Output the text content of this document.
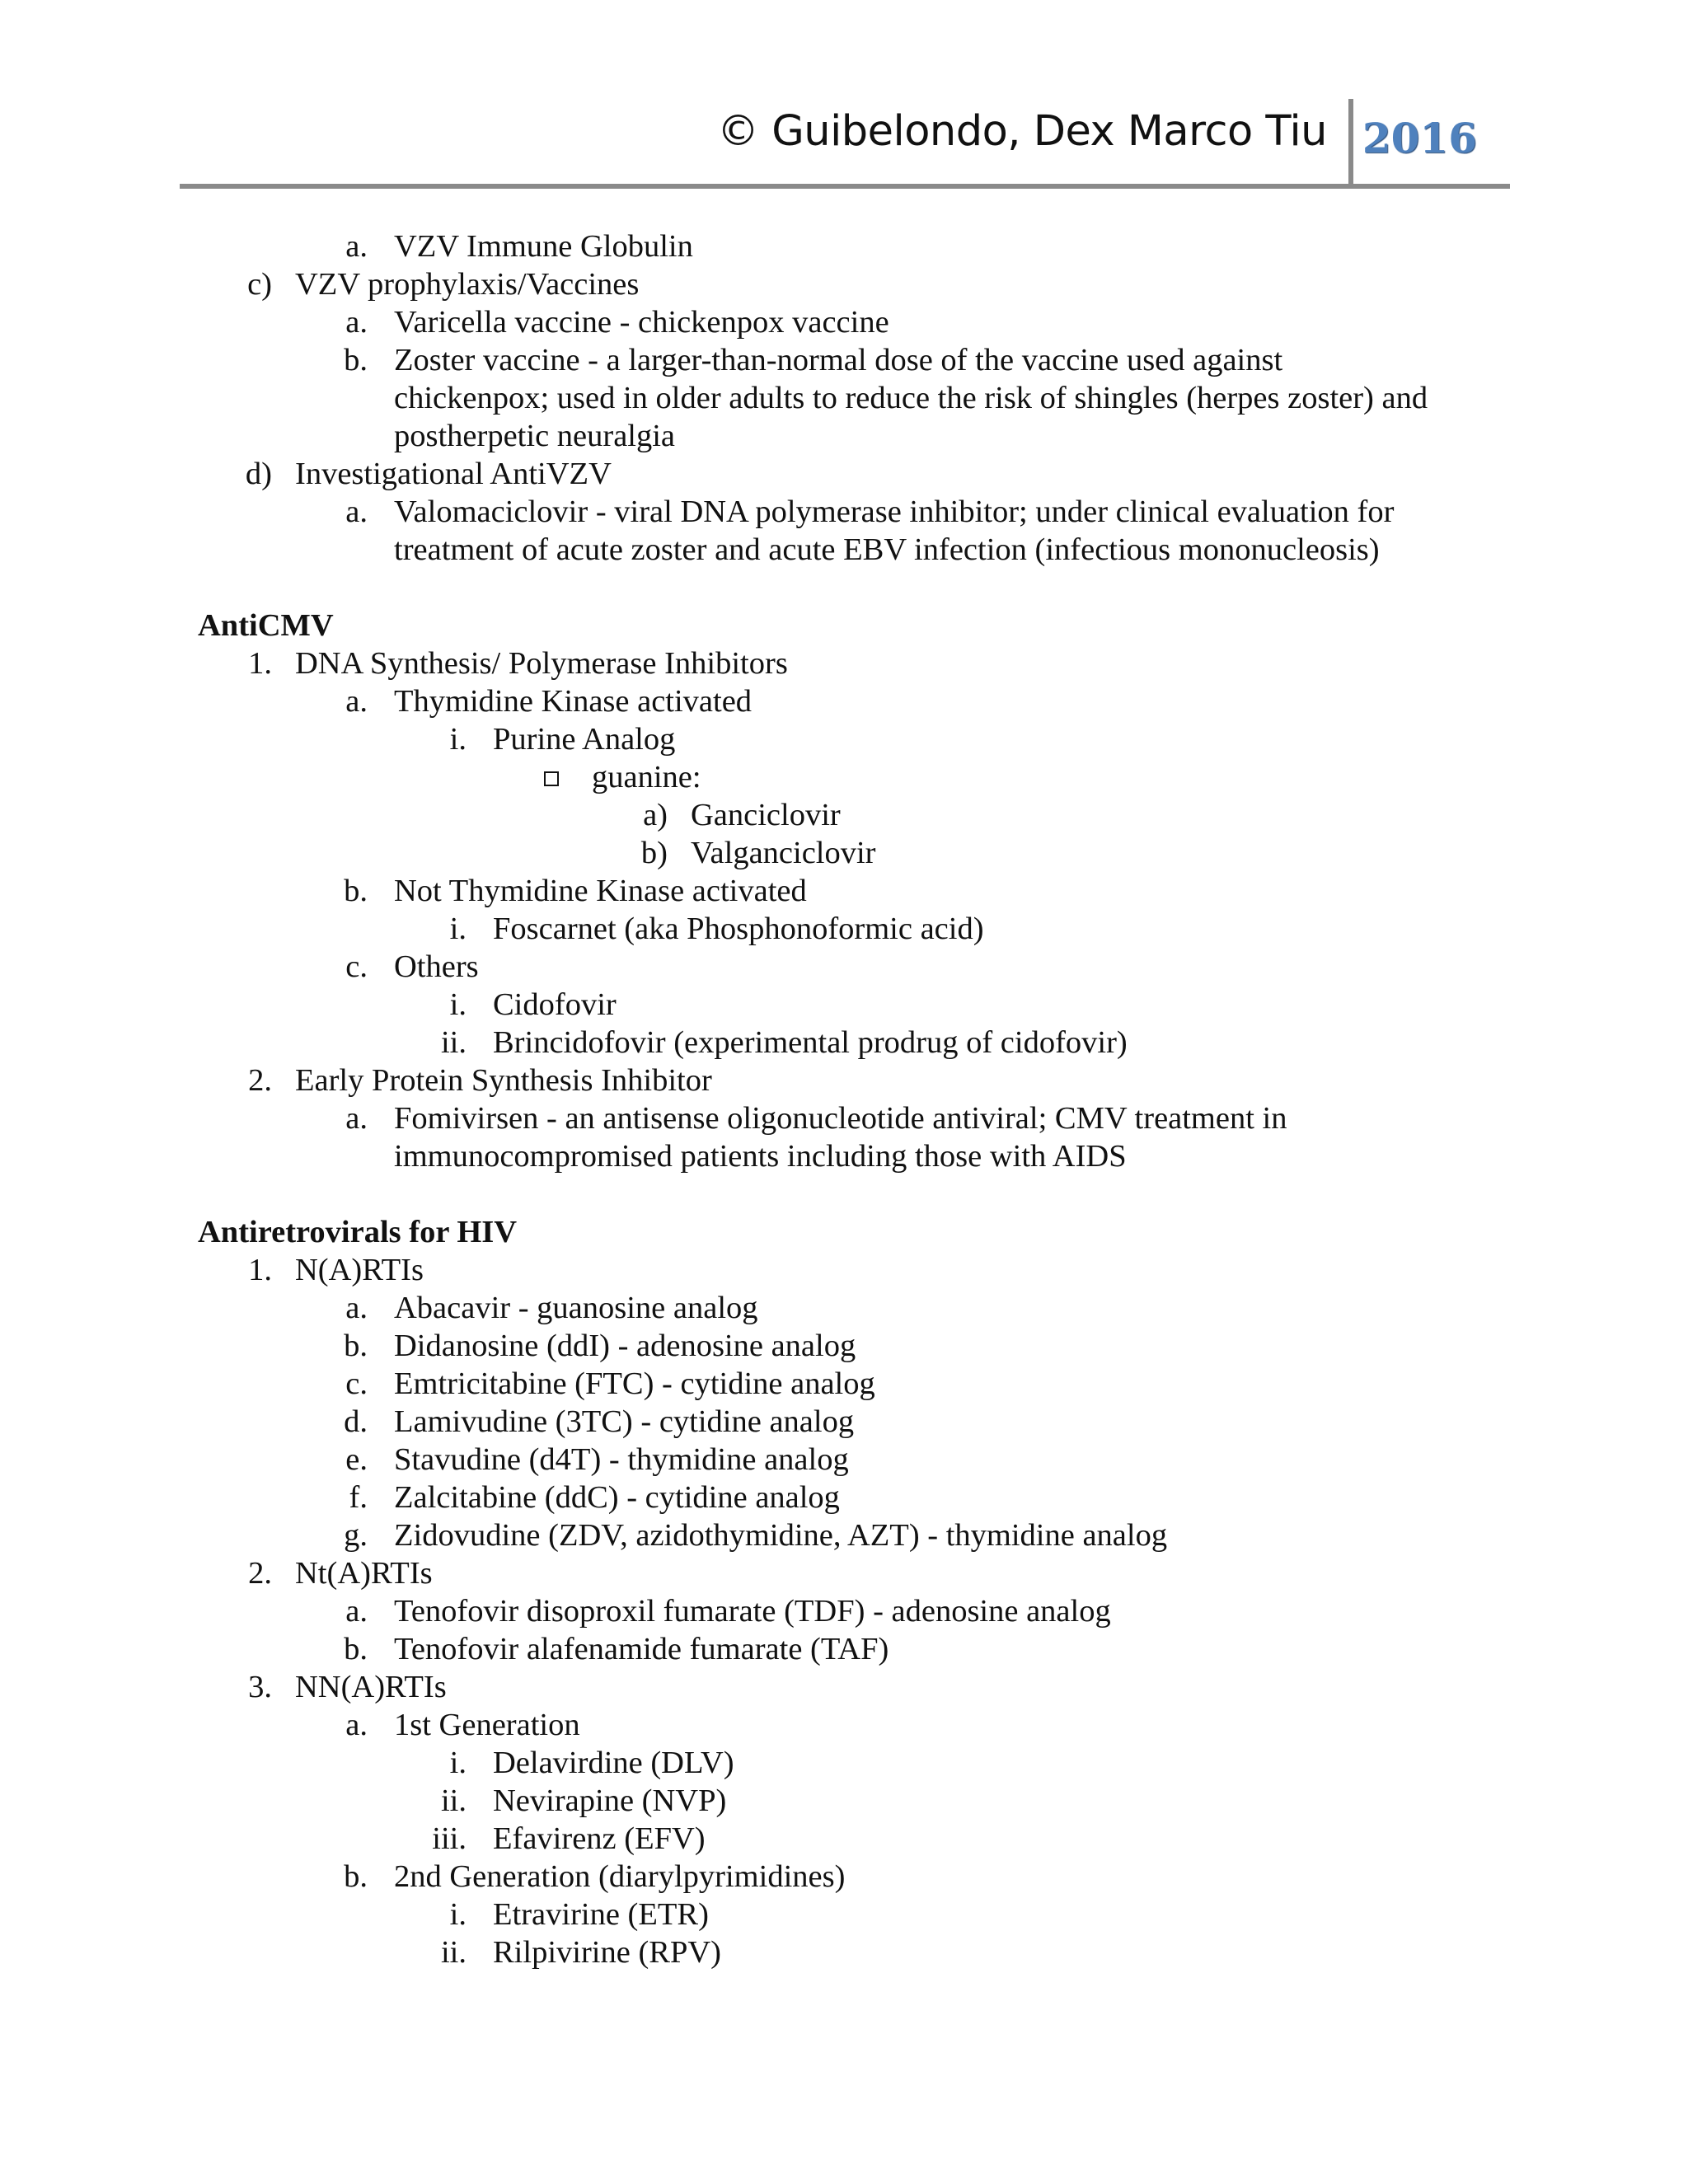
© Guibelondo, Dex Marco Tiu 2016
a. VZV Immune Globulin
c) VZV prophylaxis/Vaccines
a. Varicella vaccine - chickenpox vaccine
b. Zoster vaccine - a larger-than-normal dose of the vaccine used against
chickenpox; used in older adults to reduce the risk of shingles (herpes zoster) and
postherpetic neuralgia
d) Investigational AntiVZV
a. Valomaciclovir - viral DNA polymerase inhibitor; under clinical evaluation for
treatment of acute zoster and acute EBV infection (infectious mononucleosis)
AntiCMV
1. DNA Synthesis/ Polymerase Inhibitors
a. Thymidine Kinase activated
i. Purine Analog
guanine:
a) Ganciclovir
b) Valganciclovir
b. Not Thymidine Kinase activated
i. Foscarnet (aka Phosphonoformic acid)
c. Others
i. Cidofovir
ii. Brincidofovir (experimental prodrug of cidofovir)
2. Early Protein Synthesis Inhibitor
a. Fomivirsen - an antisense oligonucleotide antiviral; CMV treatment in
immunocompromised patients including those with AIDS
Antiretrovirals for HIV
1. N(A)RTIs
a. Abacavir - guanosine analog
b. Didanosine (ddI) - adenosine analog
c. Emtricitabine (FTC) - cytidine analog
d. Lamivudine (3TC) - cytidine analog
e. Stavudine (d4T) - thymidine analog
f. Zalcitabine (ddC) - cytidine analog
g. Zidovudine (ZDV, azidothymidine, AZT) - thymidine analog
2. Nt(A)RTIs
a. Tenofovir disoproxil fumarate (TDF) - adenosine analog
b. Tenofovir alafenamide fumarate (TAF)
3. NN(A)RTIs
a. 1st Generation
i. Delavirdine (DLV)
ii. Nevirapine (NVP)
iii. Efavirenz (EFV)
b. 2nd Generation (diarylpyrimidines)
i. Etravirine (ETR)
ii. Rilpivirine (RPV)
